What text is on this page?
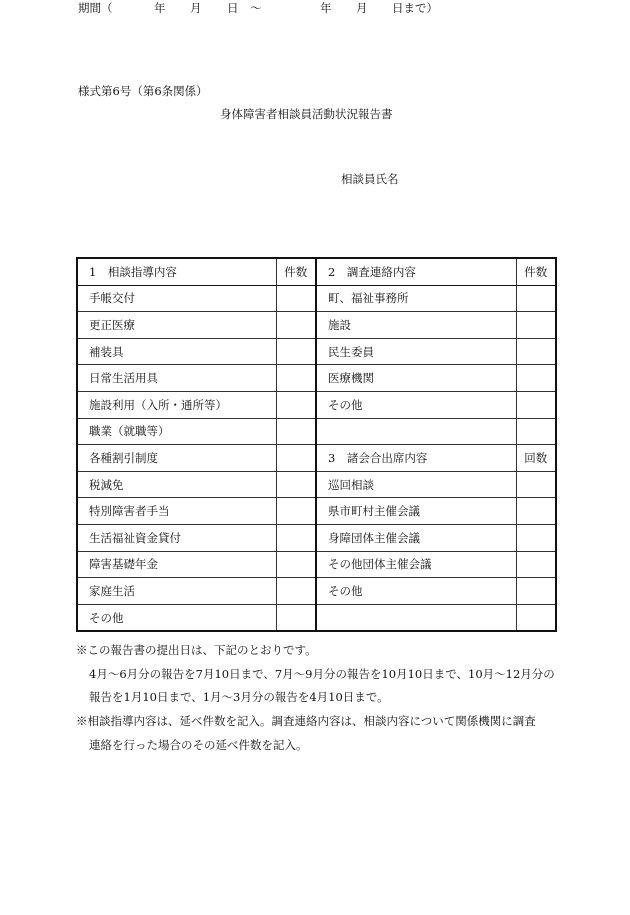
様式第6号（第6条関係）
身体障害者相談員活動状況報告書
相談員氏名
期間（	年 月 日 〜	年 月 日まで）
1　相談指導内容	件数	2　調査連絡内容	件数
手帳交付		町、福祉事務所	
更正医療		施設	
補装具		民生委員	
日常生活用具		医療機関	
施設利用（入所・通所等）		その他	
職業（就職等）			
各種割引制度		3　諸会合出席内容	回数
税減免		巡回相談	
特別障害者手当		県市町村主催会議	
生活福祉資金貸付		身障団体主催会議	
障害基礎年金		その他団体主催会議	
家庭生活		その他	
その他			
※この報告書の提出日は、下記のとおりです。
4月〜6月分の報告を7月10日まで、7月〜9月分の報告を10月10日まで、10月〜12月分の
報告を1月10日まで、1月〜3月分の報告を4月10日まで。
※相談指導内容は、延べ件数を記入。調査連絡内容は、相談内容について関係機関に調査
連絡を行った場合のその延べ件数を記入。
